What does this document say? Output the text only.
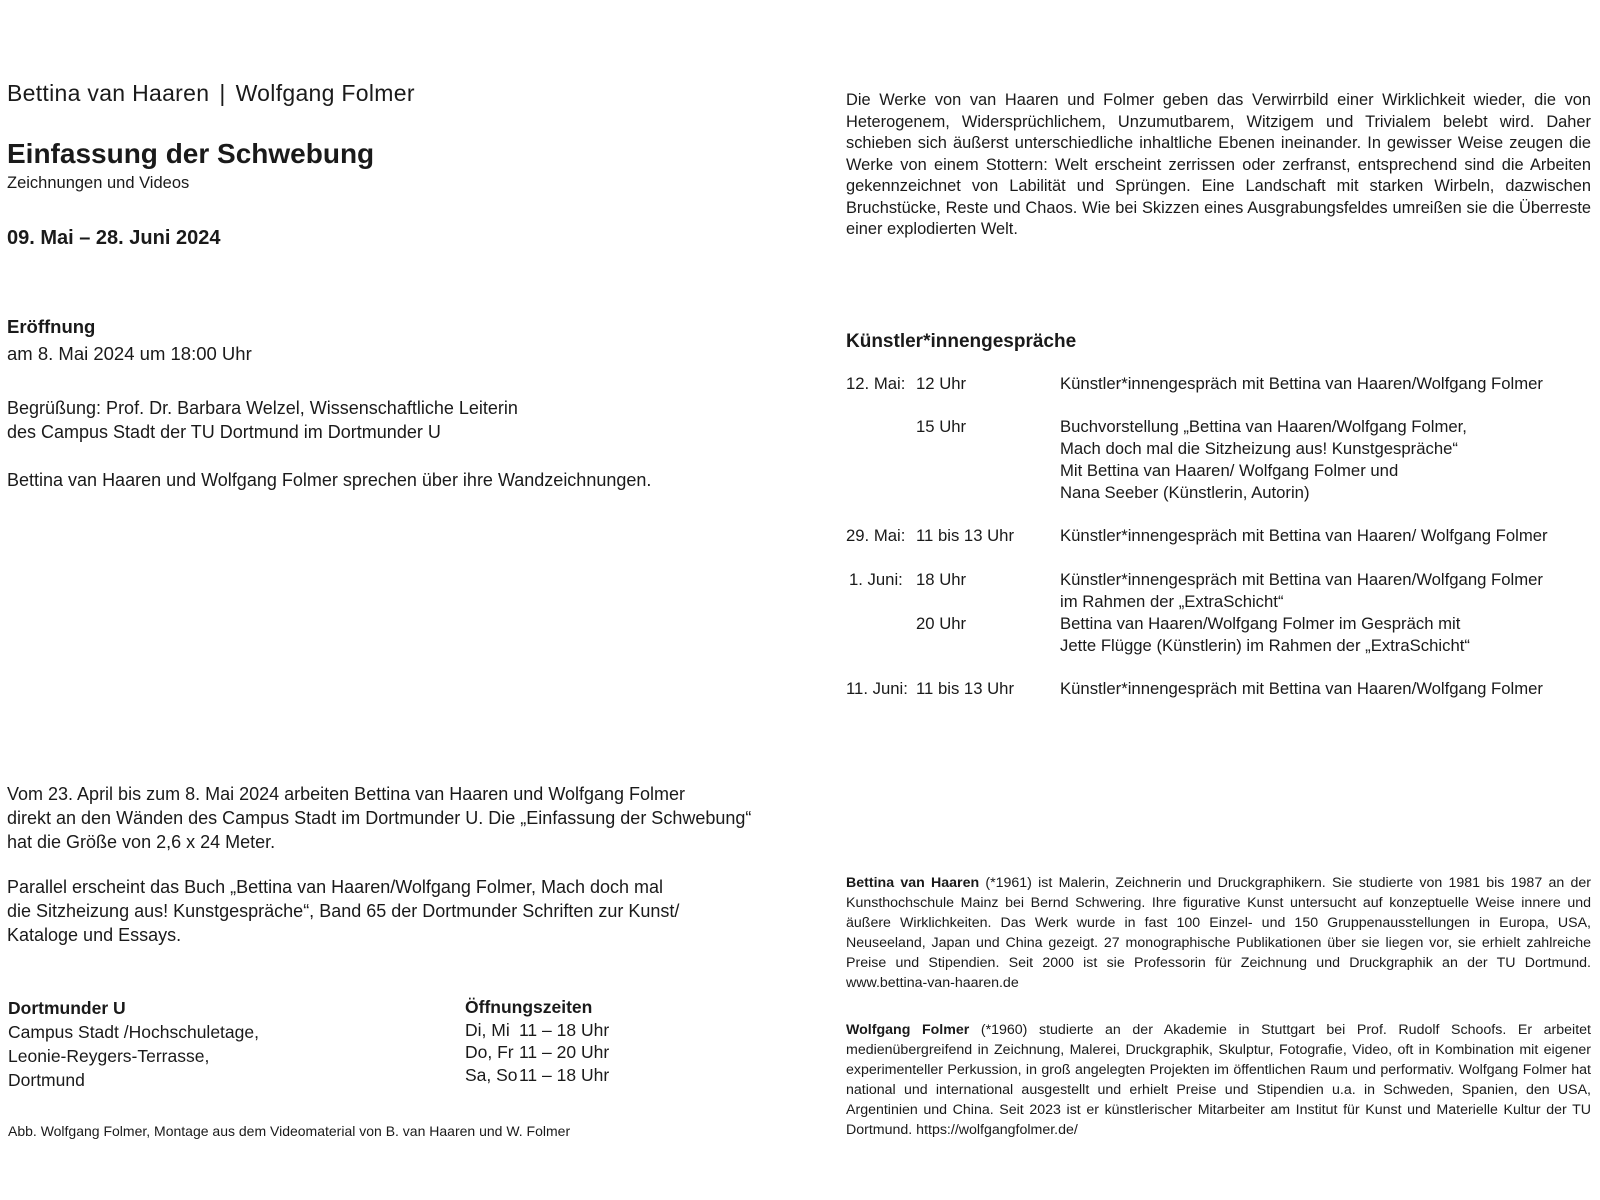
Bettina van Haaren | Wolfgang Folmer
Einfassung der Schwebung
Zeichnungen und Videos
09. Mai – 28. Juni 2024
Eröffnung
am 8. Mai 2024 um 18:00 Uhr
Begrüßung: Prof. Dr. Barbara Welzel, Wissenschaftliche Leiterin
des Campus Stadt der TU Dortmund im Dortmunder U
Bettina van Haaren und Wolfgang Folmer sprechen über ihre Wandzeichnungen.
Vom 23. April bis zum 8. Mai 2024 arbeiten Bettina van Haaren und Wolfgang Folmer
direkt an den Wänden des Campus Stadt im Dortmunder U. Die „Einfassung der Schwebung“
hat die Größe von 2,6 x 24 Meter.
Parallel erscheint das Buch „Bettina van Haaren/Wolfgang Folmer, Mach doch mal
die Sitzheizung aus! Kunstgespräche“, Band 65 der Dortmunder Schriften zur Kunst/
Kataloge und Essays.
Dortmunder U
Campus Stadt /Hochschuletage,
Leonie-Reygers-Terrasse,
Dortmund
Öffnungszeiten
Di, Mi 11 – 18 Uhr
Do, Fr 11 – 20 Uhr
Sa, So11 – 18 Uhr
Abb. Wolfgang Folmer, Montage aus dem Videomaterial von B. van Haaren und W. Folmer
Die Werke von van Haaren und Folmer geben das Verwirrbild einer Wirklichkeit wieder, die von Heterogenem, Widersprüchlichem, Unzumutbarem, Witzigem und Trivialem belebt wird. Daher schieben sich äußerst unterschiedliche inhaltliche Ebenen ineinander. In gewisser Weise zeugen die Werke von einem Stottern: Welt erscheint zerrissen oder zerfranst, entsprechend sind die Arbeiten gekennzeichnet von Labilität und Sprüngen. Eine Landschaft mit starken Wirbeln, dazwischen Bruchstücke, Reste und Chaos. Wie bei Skizzen eines Ausgrabungsfeldes umreißen sie die Überreste einer explodierten Welt.
Künstler*innengespräche
12. Mai: 12 Uhr	Künstler*innengespräch mit Bettina van Haaren/Wolfgang Folmer
15 Uhr	Buchvorstellung „Bettina van Haaren/Wolfgang Folmer,
Mach doch mal die Sitzheizung aus! Kunstgespräche“
Mit Bettina van Haaren/ Wolfgang Folmer und
Nana Seeber (Künstlerin, Autorin)
29. Mai: 11 bis 13 Uhr	Künstler*innengespräch mit Bettina van Haaren/ Wolfgang Folmer
1. Juni: 18 Uhr	Künstler*innengespräch mit Bettina van Haaren/Wolfgang Folmer
im Rahmen der „ExtraSchicht“
20 Uhr	Bettina van Haaren/Wolfgang Folmer im Gespräch mit
Jette Flügge (Künstlerin) im Rahmen der „ExtraSchicht“
11. Juni: 11 bis 13 Uhr	Künstler*innengespräch mit Bettina van Haaren/Wolfgang Folmer
Bettina van Haaren (*1961) ist Malerin, Zeichnerin und Druckgraphikern. Sie studierte von 1981 bis 1987 an der Kunsthochschule Mainz bei Bernd Schwering. Ihre figurative Kunst untersucht auf konzeptuelle Weise innere und äußere Wirklichkeiten. Das Werk wurde in fast 100 Einzel- und 150 Gruppenausstellungen in Europa, USA, Neuseeland, Japan und China gezeigt. 27 monographische Publikationen über sie liegen vor, sie erhielt zahlreiche Preise und Stipendien. Seit 2000 ist sie Professorin für Zeichnung und Druckgraphik an der TU Dortmund. www.bettina-van-haaren.de
Wolfgang Folmer (*1960) studierte an der Akademie in Stuttgart bei Prof. Rudolf Schoofs. Er arbeitet medienübergreifend in Zeichnung, Malerei, Druckgraphik, Skulptur, Fotografie, Video, oft in Kombination mit eigener experimenteller Perkussion, in groß angelegten Projekten im öffentlichen Raum und performativ. Wolfgang Folmer hat national und international ausgestellt und erhielt Preise und Stipendien u.a. in Schweden, Spanien, den USA, Argentinien und China. Seit 2023 ist er künstlerischer Mitarbeiter am Institut für Kunst und Materielle Kultur der TU Dortmund. https://wolfgangfolmer.de/
